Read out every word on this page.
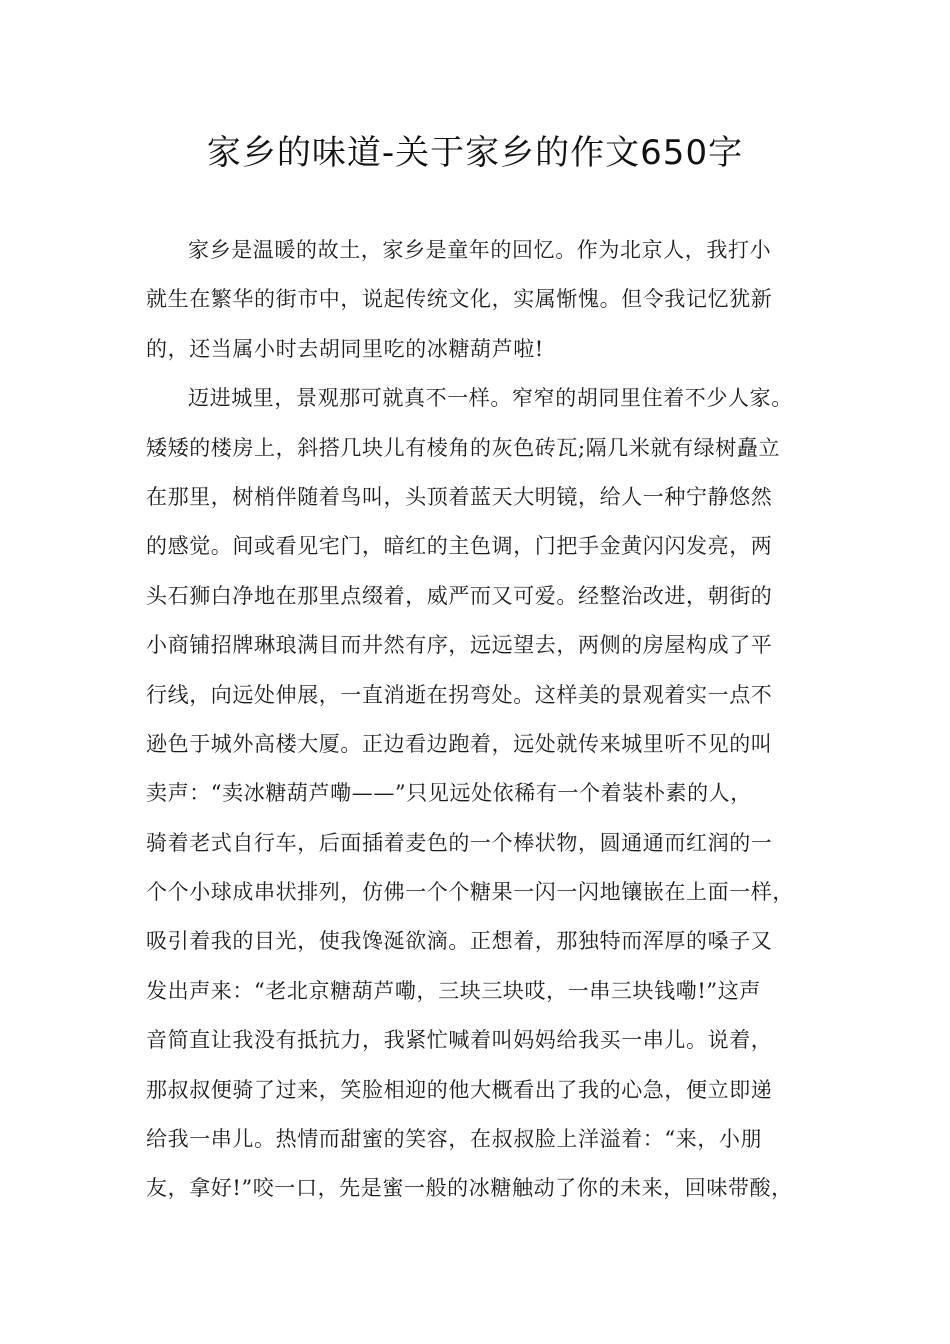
家乡的味道-关于家乡的作文650字
家乡是温暖的故土，家乡是童年的回忆。作为北京人，我打小
就生在繁华的街市中，说起传统文化，实属惭愧。但令我记忆犹新
的，还当属小时去胡同里吃的冰糖葫芦啦!
迈进城里，景观那可就真不一样。窄窄的胡同里住着不少人家。
矮矮的楼房上，斜搭几块儿有棱角的灰色砖瓦;隔几米就有绿树矗立
在那里，树梢伴随着鸟叫，头顶着蓝天大明镜，给人一种宁静悠然
的感觉。间或看见宅门，暗红的主色调，门把手金黄闪闪发亮，两
头石狮白净地在那里点缀着，威严而又可爱。经整治改进，朝街的
小商铺招牌琳琅满目而井然有序，远远望去，两侧的房屋构成了平
行线，向远处伸展，一直消逝在拐弯处。这样美的景观着实一点不
逊色于城外高楼大厦。正边看边跑着，远处就传来城里听不见的叫
卖声：“卖冰糖葫芦嘞——”只见远处依稀有一个着装朴素的人，
骑着老式自行车，后面插着麦色的一个棒状物，圆通通而红润的一
个个小球成串状排列，仿佛一个个糖果一闪一闪地镶嵌在上面一样，
吸引着我的目光，使我馋涎欲滴。正想着，那独特而浑厚的嗓子又
发出声来：“老北京糖葫芦嘞，三块三块哎，一串三块钱嘞!”这声
音简直让我没有抵抗力，我紧忙喊着叫妈妈给我买一串儿。说着，
那叔叔便骑了过来，笑脸相迎的他大概看出了我的心急，便立即递
给我一串儿。热情而甜蜜的笑容，在叔叔脸上洋溢着：“来，小朋
友，拿好!”咬一口，先是蜜一般的冰糖触动了你的未来，回味带酸，
